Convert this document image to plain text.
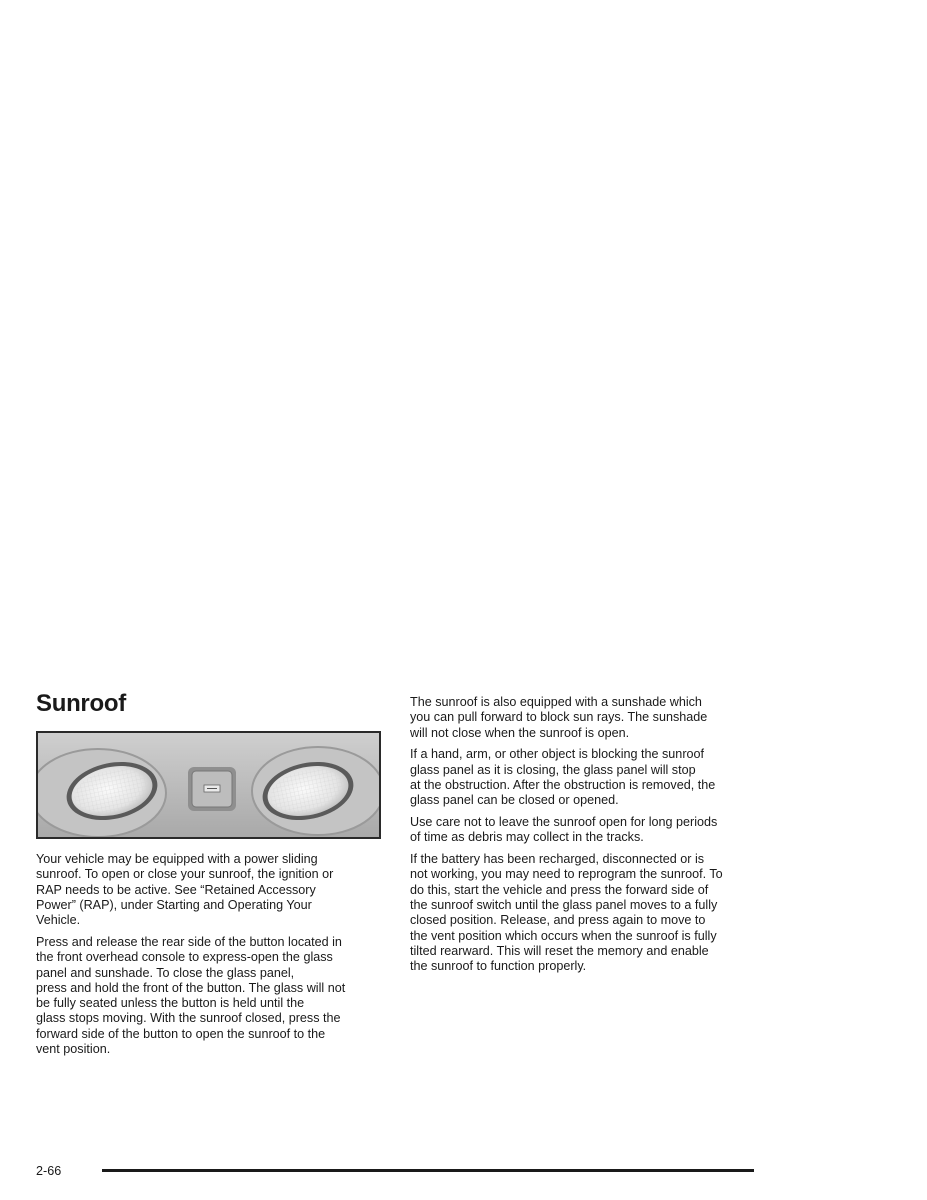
Sunroof

Your vehicle may be equipped with a power sliding
sunroof. To open or close your sunroof, the ignition or
RAP needs to be active. See “Retained Accessory
Power” (RAP), under Starting and Operating Your
Vehicle.

Press and release the rear side of the button located in
the front overhead console to express-open the glass
panel and sunshade. To close the glass panel,
press and hold the front of the button. The glass will not
be fully seated unless the button is held until the
glass stops moving. With the sunroof closed, press the
forward side of the button to open the sunroof to the
vent position.

The sunroof is also equipped with a sunshade which
you can pull forward to block sun rays. The sunshade
will not close when the sunroof is open.

If a hand, arm, or other object is blocking the sunroof
glass panel as it is closing, the glass panel will stop
at the obstruction. After the obstruction is removed, the
glass panel can be closed or opened.

Use care not to leave the sunroof open for long periods
of time as debris may collect in the tracks.

If the battery has been recharged, disconnected or is
not working, you may need to reprogram the sunroof. To
do this, start the vehicle and press the forward side of
the sunroof switch until the glass panel moves to a fully
closed position. Release, and press again to move to
the vent position which occurs when the sunroof is fully
tilted rearward. This will reset the memory and enable
the sunroof to function properly.

2-66
